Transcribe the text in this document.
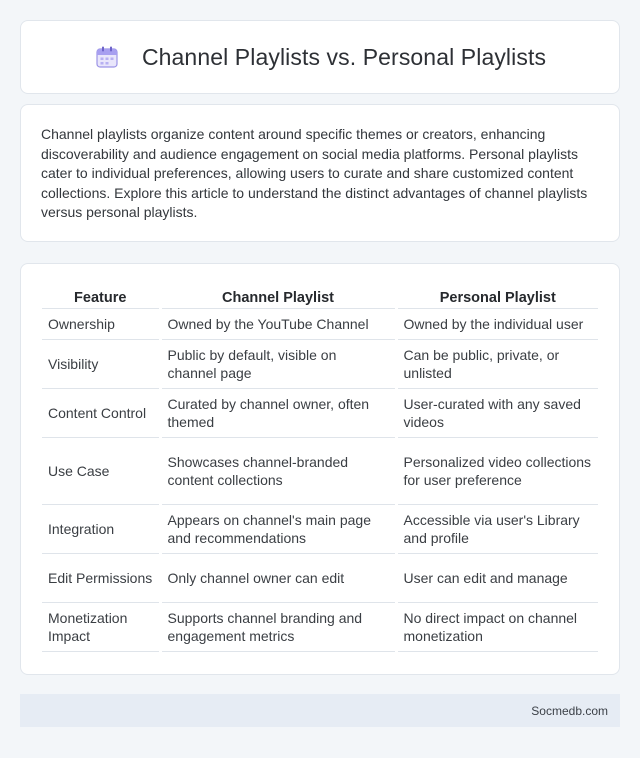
Channel Playlists vs. Personal Playlists

Channel playlists organize content around specific themes or creators, enhancing discoverability and audience engagement on social media platforms. Personal playlists cater to individual preferences, allowing users to curate and share customized content collections. Explore this article to understand the distinct advantages of channel playlists versus personal playlists.

Feature	Channel Playlist	Personal Playlist
Ownership	Owned by the YouTube Channel	Owned by the individual user
Visibility	Public by default, visible on channel page	Can be public, private, or unlisted
Content Control	Curated by channel owner, often themed	User-curated with any saved videos
Use Case	Showcases channel-branded content collections	Personalized video collections for user preference
Integration	Appears on channel's main page and recommendations	Accessible via user's Library and profile
Edit Permissions	Only channel owner can edit	User can edit and manage
Monetization Impact	Supports channel branding and engagement metrics	No direct impact on channel monetization
Socmedb.com
